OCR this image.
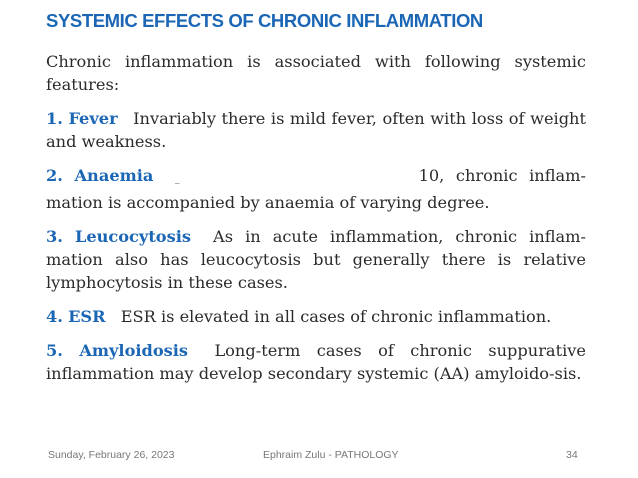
SYSTEMIC EFFECTS OF CHRONIC INFLAMMATION

Chronic inflammation is associated with following systemic features:

1. Fever Invariably there is mild fever, often with loss of weight and weakness.

2. Anaemia _	10, chronic inflam-mation is accompanied by anaemia of varying degree.

3. Leucocytosis As in acute inflammation, chronic inflam-mation also has leucocytosis but generally there is relative lymphocytosis in these cases.

4. ESR ESR is elevated in all cases of chronic inflammation.

5. Amyloidosis Long-term cases of chronic suppurative inflammation may develop secondary systemic (AA) amyloido-sis.

Sunday, February 26, 2023	Ephraim Zulu - PATHOLOGY	34
